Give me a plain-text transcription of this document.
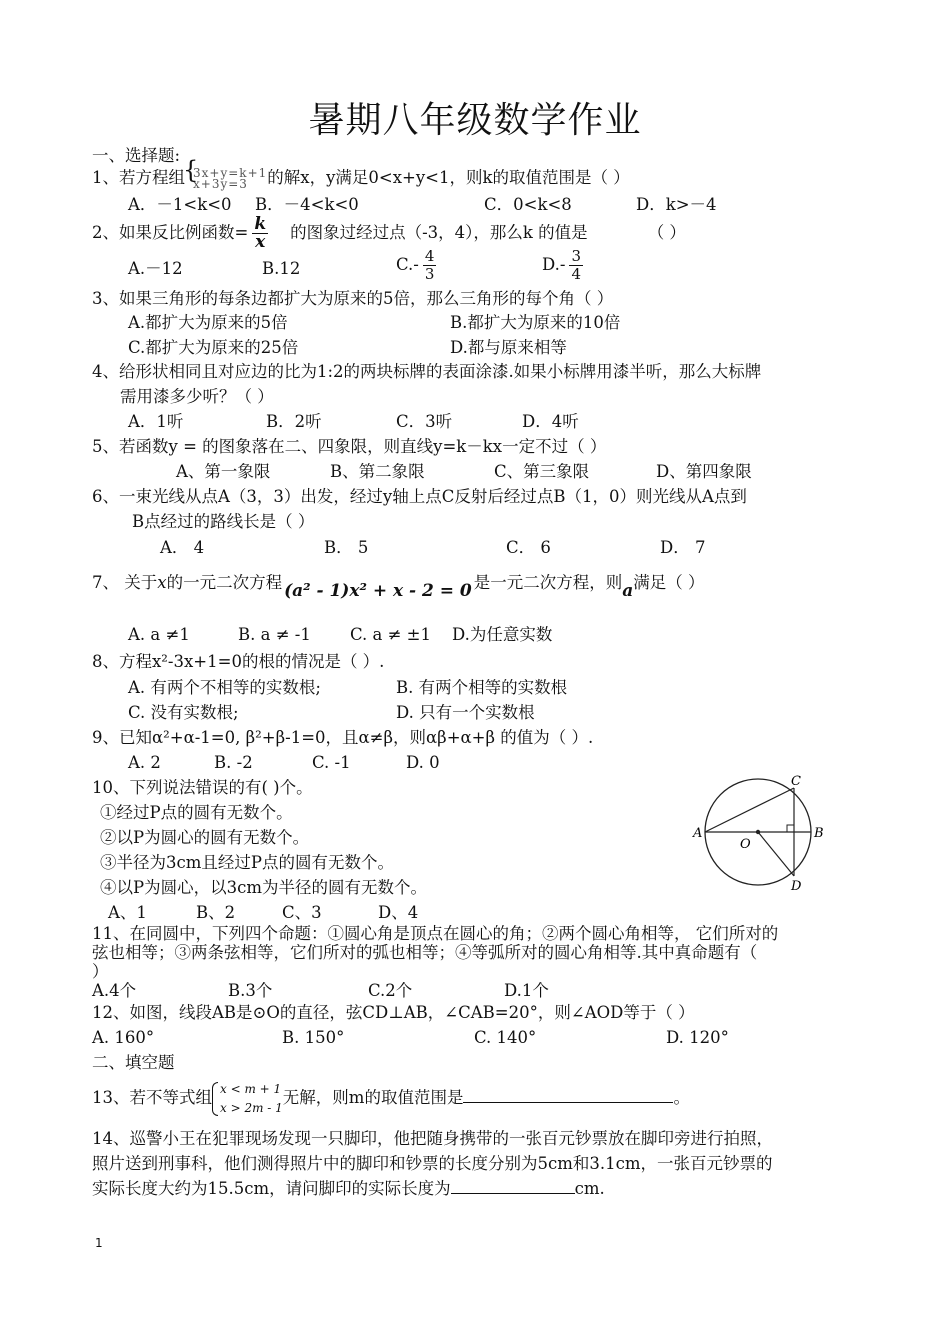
暑期八年级数学作业
一、选择题:
1、若方程组{ 3x+y=k+1
x+3y=3 的解x，y满足0<x+y<1，则k的取值范围是（ ）
A．－1<k<0 B．－4<k<0	C．0<k<8	D．k>－4
2、如果反比例函数= $\frac{k}{x}$ 的图象过经过点（-3，4），那么k 的值是	（ ）
A.－12	B.12	$C.- \frac{4}{3}$	$D.- \frac{3}{4}$
3、如果三角形的每条边都扩大为原来的5倍，那么三角形的每个角（ ）
A.都扩大为原来的5倍	B.都扩大为原来的10倍
C.都扩大为原来的25倍	D.都与原来相等
4、给形状相同且对应边的比为1:2的两块标牌的表面涂漆.如果小标牌用漆半听，那么大标牌
需用漆多少听？（ ）
A．1听	B．2听	C．3听	D．4听
5、若函数y = 的图象落在二、四象限，则直线y=k－kx一定不过（ ）
A、第一象限	B、第二象限	C、第三象限	D、第四象限
6、一束光线从点A（3，3）出发，经过y轴上点C反射后经过点B（1，0）则光线从A点到
B点经过的路线长是（ ）
A． 4	B． 5	C． 6	D． 7
7、 关于x的一元二次方程 (a² - 1)x² + x - 2 = 0 是一元二次方程，则a满足（ ）
A. a ≠1	B. a ≠ -1 C. a ≠ ±1 D.为任意实数
8、方程x²-3x+1=0的根的情况是（ ）.
A. 有两个不相等的实数根;	B. 有两个相等的实数根
C. 没有实数根;	D. 只有一个实数根
9、已知α²+α-1=0, β²+β-1=0，且α≠β，则αβ+α+β 的值为（ ）.
A. 2	B. -2	C. -1	D. 0
10、下列说法错误的有( )个。
①经过P点的圆有无数个。
②以P为圆心的圆有无数个。
③半径为3cm且经过P点的圆有无数个。
④以P为圆心，以3cm为半径的圆有无数个。
A、1	B、2	C、3	D、4
A	B
C
D
O
11、在同圆中，下列四个命题：①圆心角是顶点在圆心的角；②两个圆心角相等， 它们所对的
弦也相等；③两条弦相等，它们所对的弧也相等；④等弧所对的圆心角相等.其中真命题有（
）
A.4个	B.3个	C.2个	D.1个
12、如图，线段AB是⊙O的直径，弦CD⊥AB，∠CAB=20°，则∠AOD等于（ ）
A. 160°	B. 150°	C. 140°	D. 120°
二、填空题
13、若不等式组 x < m + 1
x > 2m - 1
无解，则m的取值范围是	。
14、巡警小王在犯罪现场发现一只脚印，他把随身携带的一张百元钞票放在脚印旁进行拍照，
照片送到刑事科，他们测得照片中的脚印和钞票的长度分别为5cm和3.1cm，一张百元钞票的
实际长度大约为15.5cm，请问脚印的实际长度为	cm.
1
